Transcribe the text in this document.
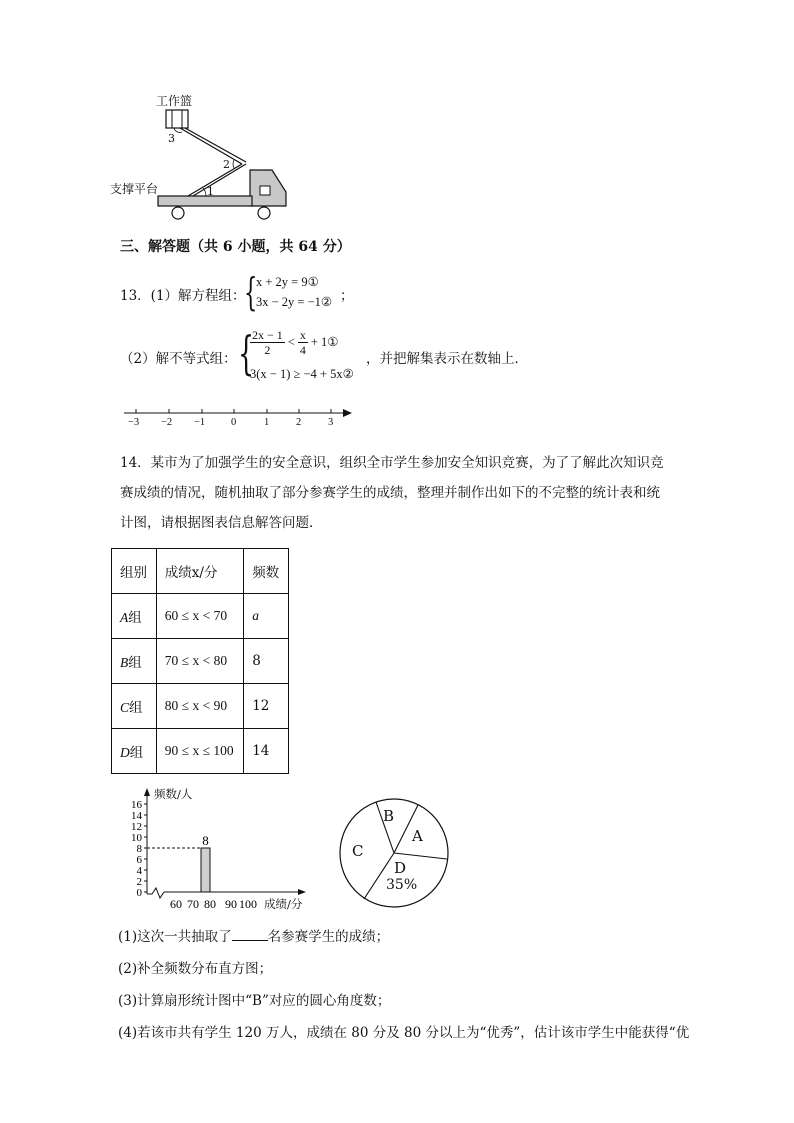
工作篮
支撑平台	1
2
3
三、解答题（共 6 小题，共 64 分）
13．(1）解方程组：
{
x + 2y = 9①
3x − 2y = −1② ；
（2）解不等式组： {
$\frac{2x - 1}{2} < \frac{x}{4}$ + 1①
3(x − 1) ≥ −4 + 5x②
，并把解集表示在数轴上．
−3 −2 −1 0	1	2	3
14．某市为了加强学生的安全意识，组织全市学生参加安全知识竞赛，为了了解此次知识竞
赛成绩的情况，随机抽取了部分参赛学生的成绩，整理并制作出如下的不完整的统计表和统
计图，请根据图表信息解答问题．
组别	成绩x/分	频数
A组	60 ≤ x < 70	a
B组	70 ≤ x < 80	8
C组	80 ≤ x < 90	12
D组	90 ≤ x ≤ 100	14
0
2
4
6
8
10
12
14
16
60 70 80 90 100
8
频数/人
成绩/分
B
A
C
D
35%
(1)这次一共抽取了	名参赛学生的成绩；
(2)补全频数分布直方图；
(3)计算扇形统计图中“B”对应的圆心角度数；
(4)若该市共有学生 120 万人，成绩在 80 分及 80 分以上为“优秀”，估计该市学生中能获得“优
